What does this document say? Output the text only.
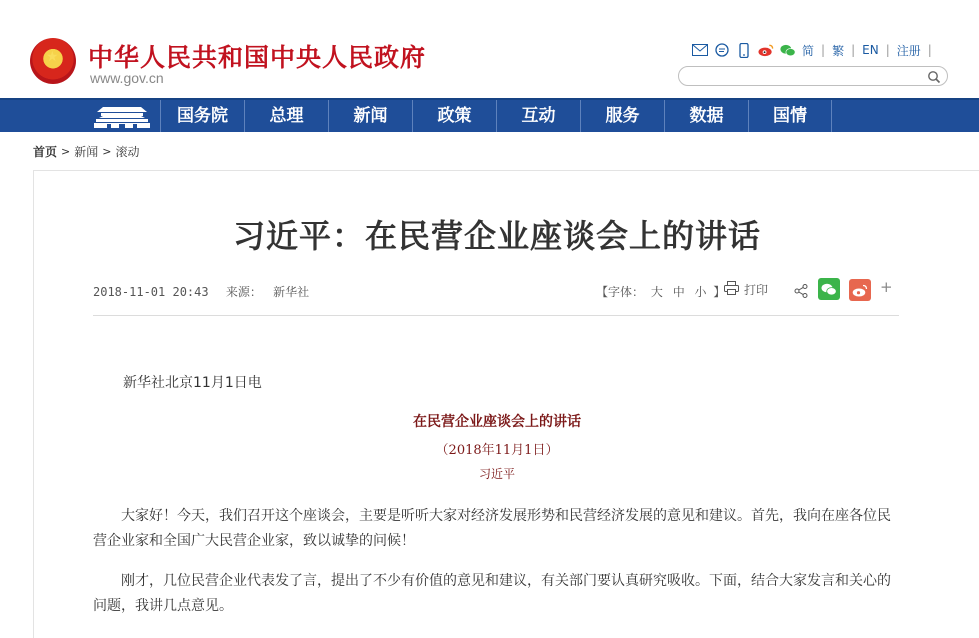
★ 中华人民共和国中央人民政府
www.gov.cn
简 | 繁 | EN | 注册 |
国务院	总理	新闻	政策	互动	服务	数据	国情
首页 > 新闻 > 滚动
习近平：在民营企业座谈会上的讲话
2018-11-01 20:43 来源： 新华社	【字体： 大 中 小 】 打印	+
新华社北京11月1日电
在民营企业座谈会上的讲话
（2018年11月1日）
习近平

大家好！今天，我们召开这个座谈会，主要是听听大家对经济发展形势和民营经济发展的意见和建议。首先，我向在座各位民营企业家和全国广大民营企业家，致以诚挚的问候！

刚才，几位民营企业代表发了言，提出了不少有价值的意见和建议，有关部门要认真研究吸收。下面，结合大家发言和关心的问题，我讲几点意见。
